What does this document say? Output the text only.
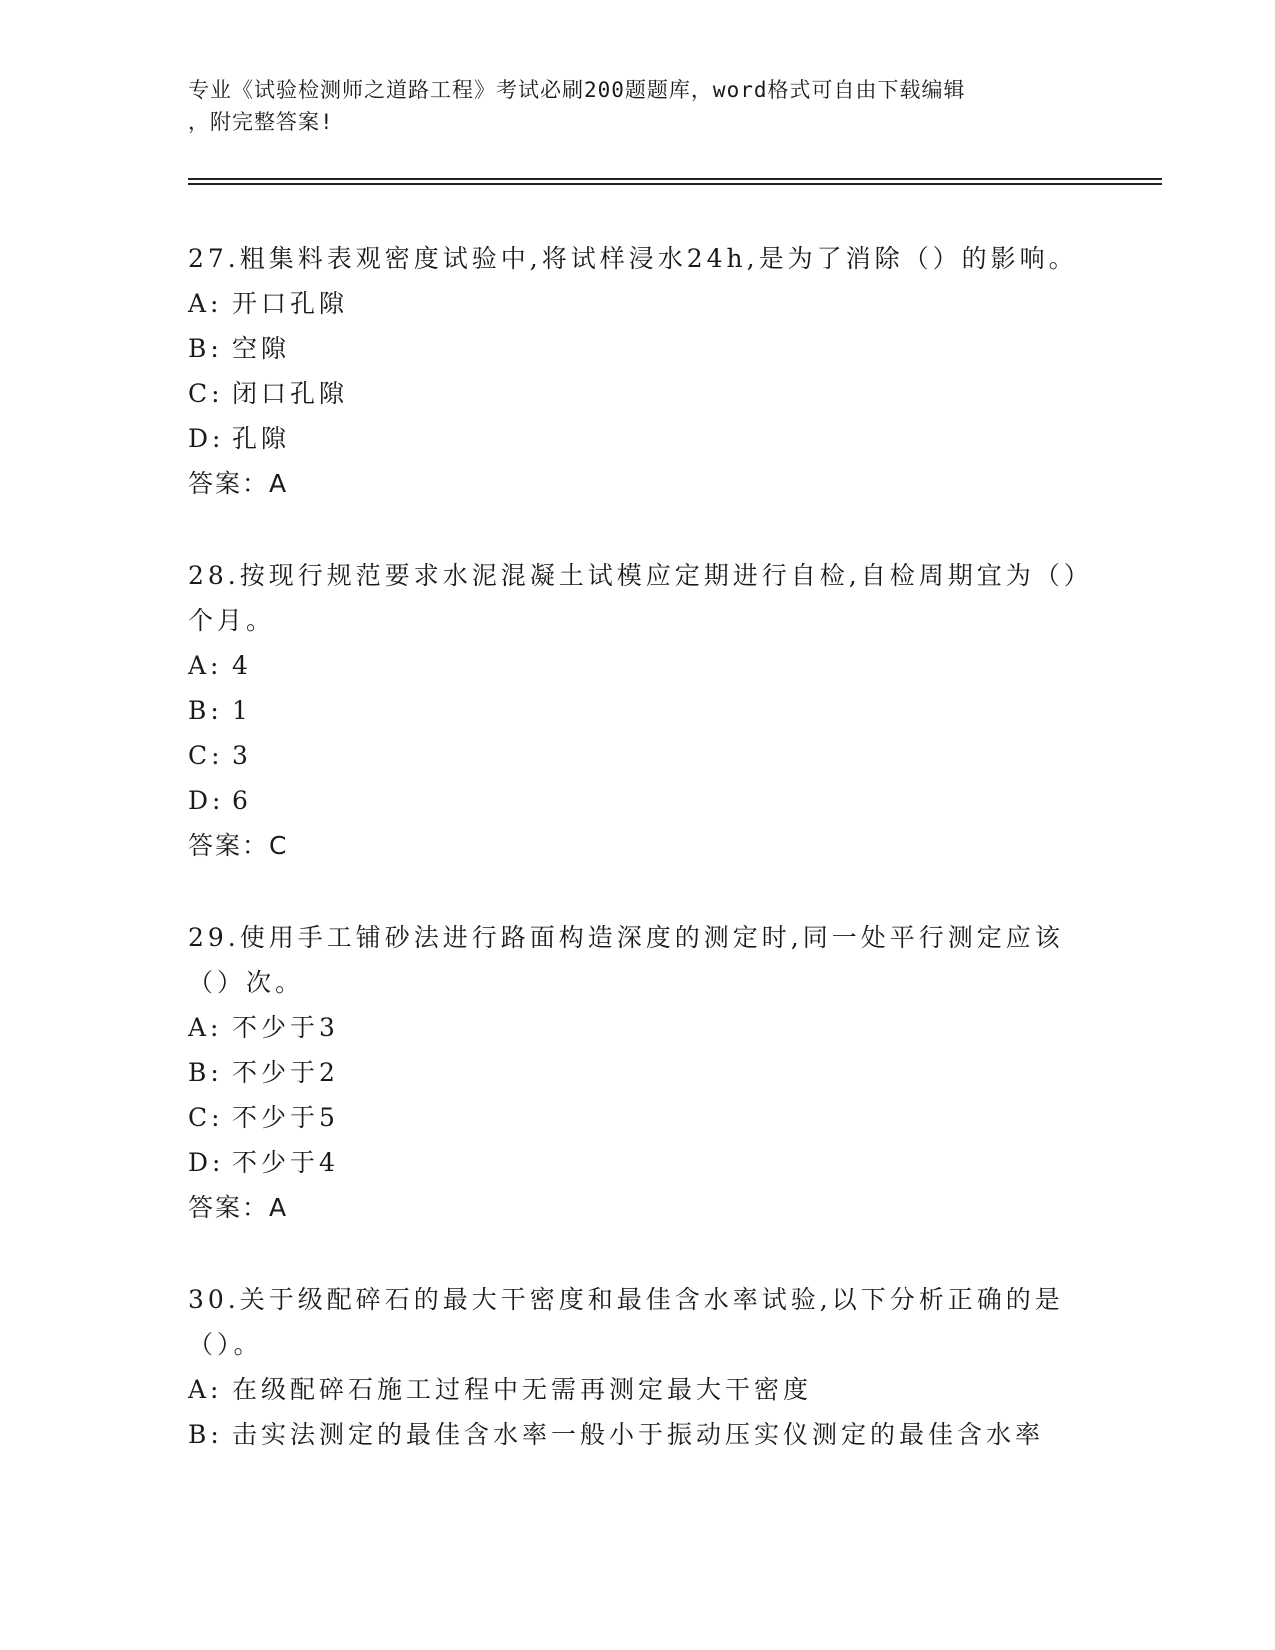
专业《试验检测师之道路工程》考试必刷200题题库，word格式可自由下载编辑
，附完整答案!
27.粗集料表观密度试验中,将试样浸水24h,是为了消除（）的影响。
A: 开口孔隙
B: 空隙
C: 闭口孔隙
D: 孔隙
答案：A
28.按现行规范要求水泥混凝土试模应定期进行自检,自检周期宜为（）个月。
A: 4
B: 1
C: 3
D: 6
答案：C
29.使用手工铺砂法进行路面构造深度的测定时,同一处平行测定应该（）次。
A: 不少于3
B: 不少于2
C: 不少于5
D: 不少于4
答案：A
30.关于级配碎石的最大干密度和最佳含水率试验,以下分析正确的是（）。
A: 在级配碎石施工过程中无需再测定最大干密度
B: 击实法测定的最佳含水率一般小于振动压实仪测定的最佳含水率
